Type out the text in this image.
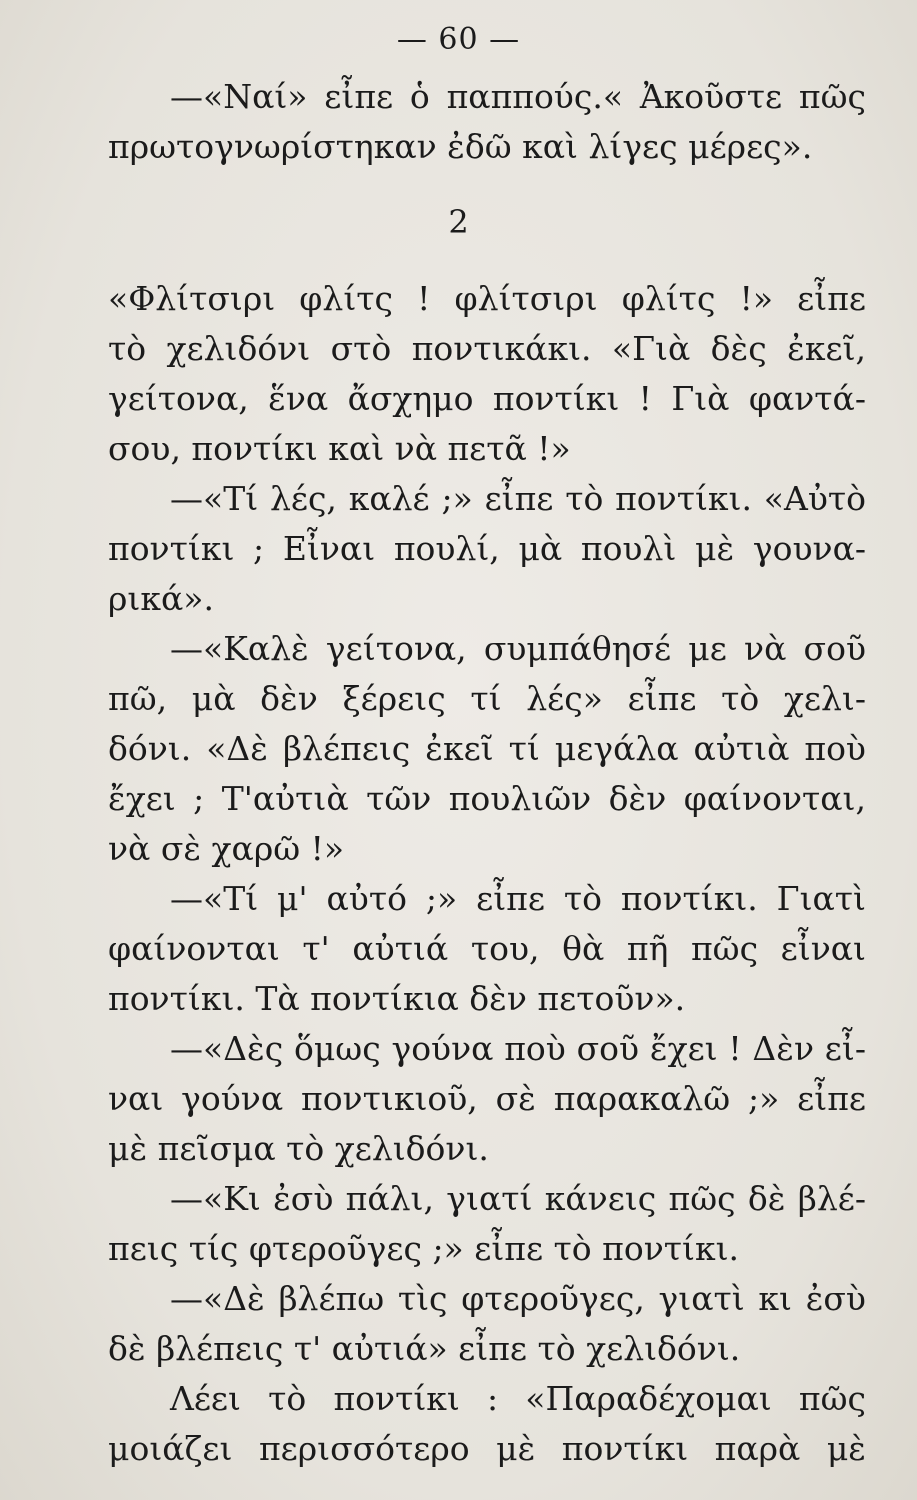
— 60 —
2
—«Ναί» εἶπε ὁ παππούς.« Ἀκοῦστε πῶς
πρωτογνωρίστηκαν ἐδῶ καὶ λίγες μέρες».
«Φλίτσιρι φλίτς ! φλίτσιρι φλίτς !» εἶπε
τὸ χελιδόνι στὸ ποντικάκι. «Γιὰ δὲς ἐκεῖ,
γείτονα, ἕνα ἄσχημο ποντίκι ! Γιὰ φαντά-
σου, ποντίκι καὶ νὰ πετᾶ !»
—«Τί λές, καλέ ;» εἶπε τὸ ποντίκι. «Αὐτὸ
ποντίκι ; Εἶναι πουλί, μὰ πουλὶ μὲ γουνα-
ρικά».
—«Καλὲ γείτονα, συμπάθησέ με νὰ σοῦ
πῶ, μὰ δὲν ξέρεις τί λές» εἶπε τὸ χελι-
δόνι. «Δὲ βλέπεις ἐκεῖ τί μεγάλα αὐτιὰ ποὺ
ἔχει ; Τ'αὐτιὰ τῶν πουλιῶν δὲν φαίνονται,
νὰ σὲ χαρῶ !»
—«Τί μ' αὐτό ;» εἶπε τὸ ποντίκι. Γιατὶ
φαίνονται τ' αὐτιά του, θὰ πῆ πῶς εἶναι
ποντίκι. Τὰ ποντίκια δὲν πετοῦν».
—«Δὲς ὅμως γούνα ποὺ σοῦ ἔχει ! Δὲν εἶ-
ναι γούνα ποντικιοῦ, σὲ παρακαλῶ ;» εἶπε
μὲ πεῖσμα τὸ χελιδόνι.
—«Κι ἐσὺ πάλι, γιατί κάνεις πῶς δὲ βλέ-
πεις τίς φτεροῦγες ;» εἶπε τὸ ποντίκι.
—«Δὲ βλέπω τὶς φτεροῦγες, γιατὶ κι ἐσὺ
δὲ βλέπεις τ' αὐτιά» εἶπε τὸ χελιδόνι.
Λέει τὸ ποντίκι : «Παραδέχομαι πῶς
μοιάζει περισσότερο μὲ ποντίκι παρὰ μὲ
